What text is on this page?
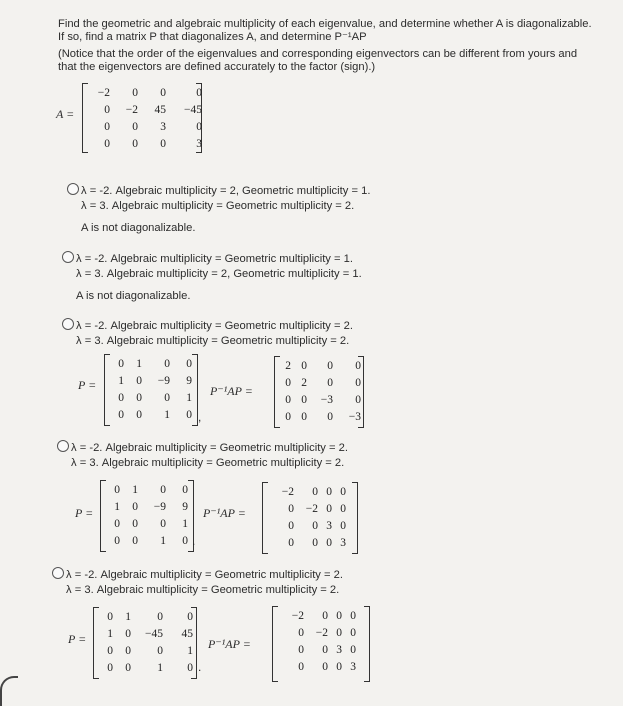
Find the geometric and algebraic multiplicity of each eigenvalue, and determine whether A is diagonalizable.

If so, find a matrix P that diagonalizes A, and determine P⁻¹AP

(Notice that the order of the eigenvalues and corresponding eigenvectors can be different from yours and

that the eigenvectors are defined accurately to the factor (sign).)

A =
−2	0	0	0
0	−2	45	−45
0	0	3	0
0	0	0	3

λ = -2. Algebraic multiplicity = 2, Geometric multiplicity = 1.

λ = 3. Algebraic multiplicity = Geometric multiplicity = 2.

A is not diagonalizable.

λ = -2. Algebraic multiplicity = Geometric multiplicity = 1.

λ = 3. Algebraic multiplicity = 2, Geometric multiplicity = 1.

A is not diagonalizable.

λ = -2. Algebraic multiplicity = Geometric multiplicity = 2.

λ = 3. Algebraic multiplicity = Geometric multiplicity = 2.

P =
0	1	0	0
1	0	−9	9
0	0	0	1
0	0	1	0 ,
P⁻¹AP =
2	0	0	0
0	2	0	0
0	0	−3	0
0	0	0	−3

λ = -2. Algebraic multiplicity = Geometric multiplicity = 2.

λ = 3. Algebraic multiplicity = Geometric multiplicity = 2.

P =
0	1	0	0
1	0	−9	9
0	0	0	1
0	0	1	0 .
P⁻¹AP =
−2	0	0	0
0	−2	0	0
0	0	3	0
0	0	0	3

λ = -2. Algebraic multiplicity = Geometric multiplicity = 2.

λ = 3. Algebraic multiplicity = Geometric multiplicity = 2.

P =
0	1	0	0
1	0	−45	45
0	0	0	1
0	0	1	0 .
P⁻¹AP =
−2	0	0	0
0	−2	0	0
0	0	3	0
0	0	0	3
